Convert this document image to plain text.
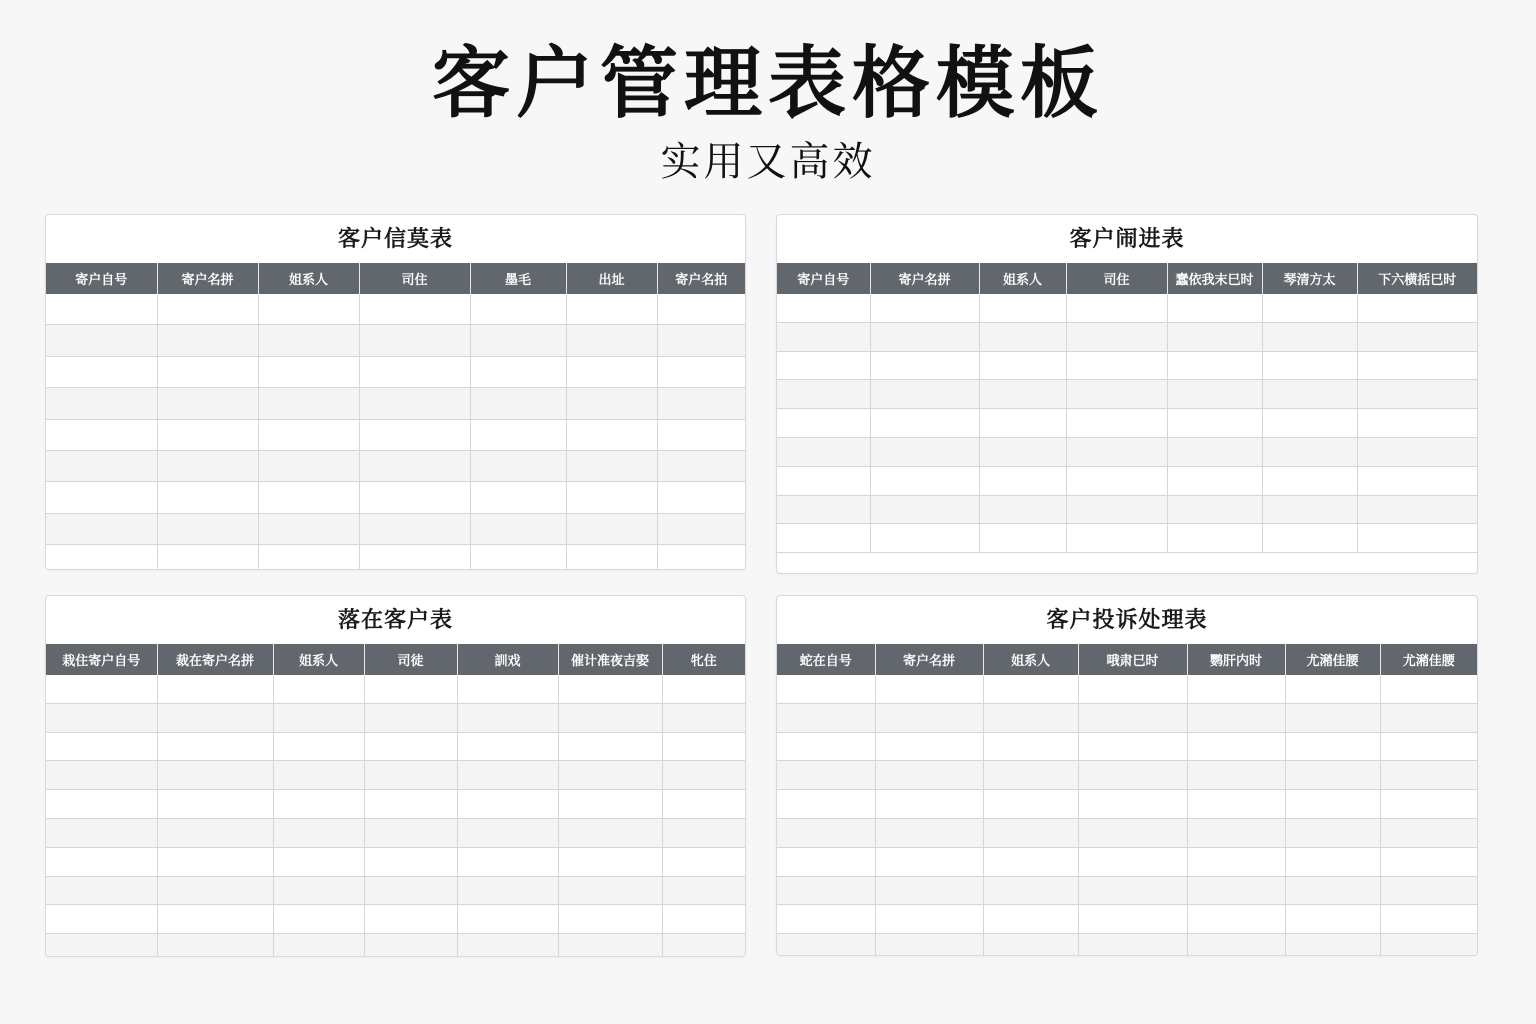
客户管理表格模板
实用又高效
客户信莫表
寄户自号	寄户名拼	姐系人	司住	墨毛	出址	寄户名拍

客户闹进表
寄户自号	寄户名拼	姐系人	司住	蠢依我末巳时	琴清方太	下六横括巳时

落在客户表
栽住寄户自号	裁在寄户名拼	姐系人	司徒	訓戏	催计准夜吉娶	牝住

客户投诉处理表
蛇在自号	寄户名拼	姐系人	哦肃巳时	鹦肝内时	尤潲佳腰	尤潲佳腰
